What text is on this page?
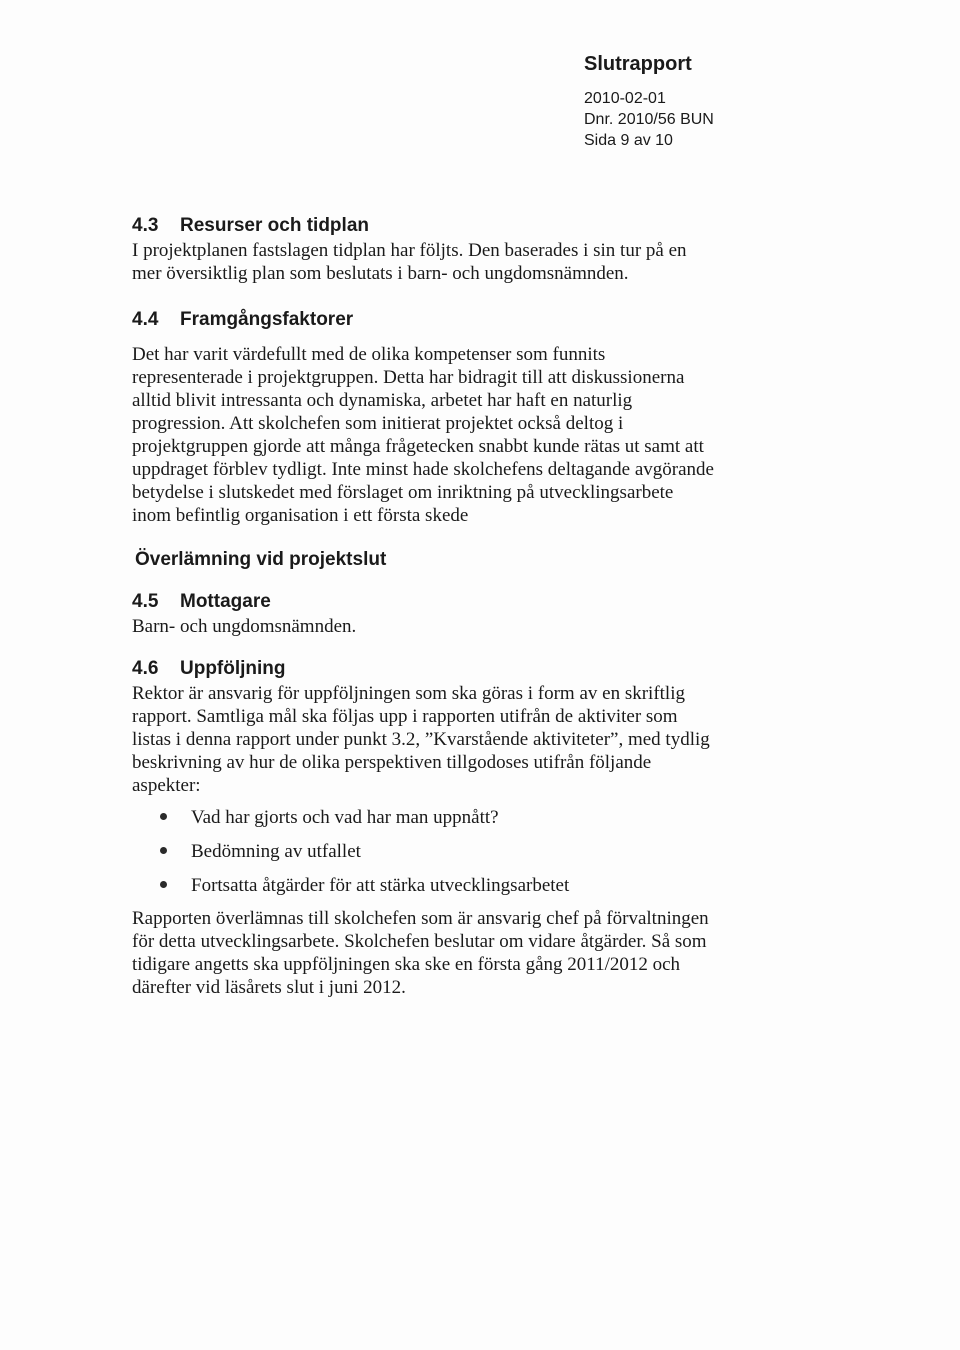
Slutrapport
2010-02-01
Dnr. 2010/56 BUN
Sida 9 av 10
4.3 Resurser och tidplan
I projektplanen fastslagen tidplan har följts. Den baserades i sin tur på en
mer översiktlig plan som beslutats i barn- och ungdomsnämnden.
4.4 Framgångsfaktorer
Det har varit värdefullt med de olika kompetenser som funnits
representerade i projektgruppen. Detta har bidragit till att diskussionerna
alltid blivit intressanta och dynamiska, arbetet har haft en naturlig
progression. Att skolchefen som initierat projektet också deltog i
projektgruppen gjorde att många frågetecken snabbt kunde rätas ut samt att
uppdraget förblev tydligt. Inte minst hade skolchefens deltagande avgörande
betydelse i slutskedet med förslaget om inriktning på utvecklingsarbete
inom befintlig organisation i ett första skede
Överlämning vid projektslut
4.5 Mottagare
Barn- och ungdomsnämnden.
4.6 Uppföljning
Rektor är ansvarig för uppföljningen som ska göras i form av en skriftlig
rapport. Samtliga mål ska följas upp i rapporten utifrån de aktiviter som
listas i denna rapport under punkt 3.2, ”Kvarstående aktiviteter”, med tydlig
beskrivning av hur de olika perspektiven tillgodoses utifrån följande
aspekter:
Vad har gjorts och vad har man uppnått?
Bedömning av utfallet
Fortsatta åtgärder för att stärka utvecklingsarbetet
Rapporten överlämnas till skolchefen som är ansvarig chef på förvaltningen
för detta utvecklingsarbete. Skolchefen beslutar om vidare åtgärder. Så som
tidigare angetts ska uppföljningen ska ske en första gång 2011/2012 och
därefter vid läsårets slut i juni 2012.
